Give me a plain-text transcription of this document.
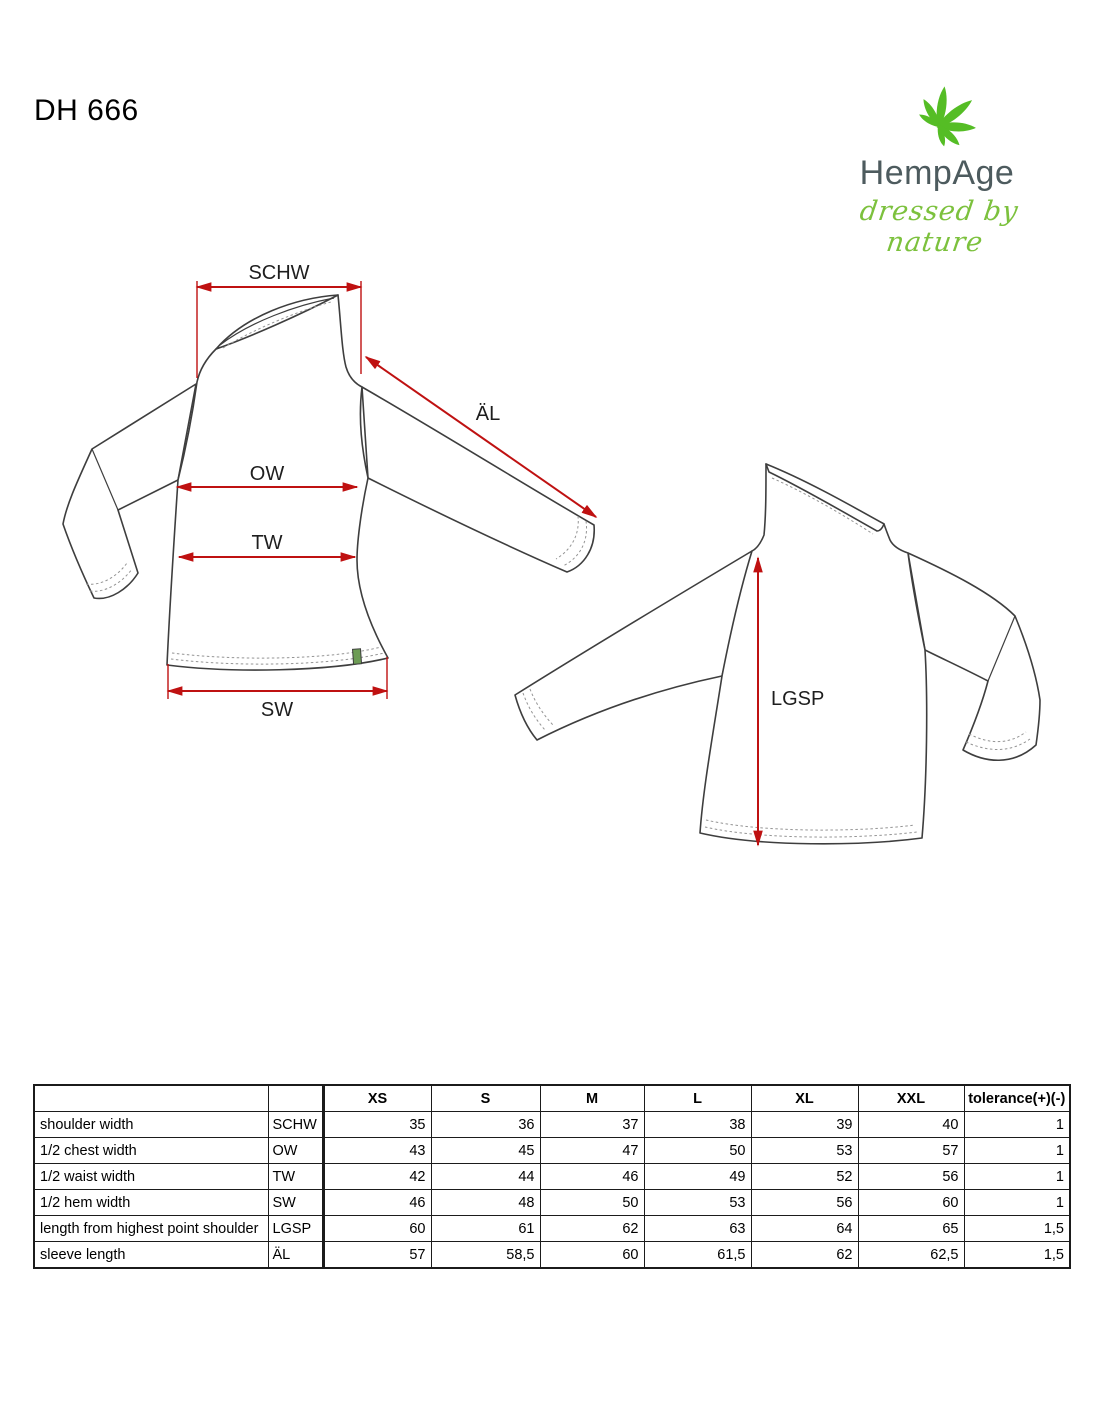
DH 666
HempAge
dressed by nature
SCHW
ÄL
OW
TW
SW	LGSP
		XS	S	M	L	XL	XXL	tolerance(+)(-)
shoulder width	SCHW	35	36	37	38	39	40	1
1/2 chest width	OW	43	45	47	50	53	57	1
1/2 waist width	TW	42	44	46	49	52	56	1
1/2 hem width	SW	46	48	50	53	56	60	1
length from highest point shoulder	LGSP	60	61	62	63	64	65	1,5
sleeve length	ÄL	57	58,5	60	61,5	62	62,5	1,5
